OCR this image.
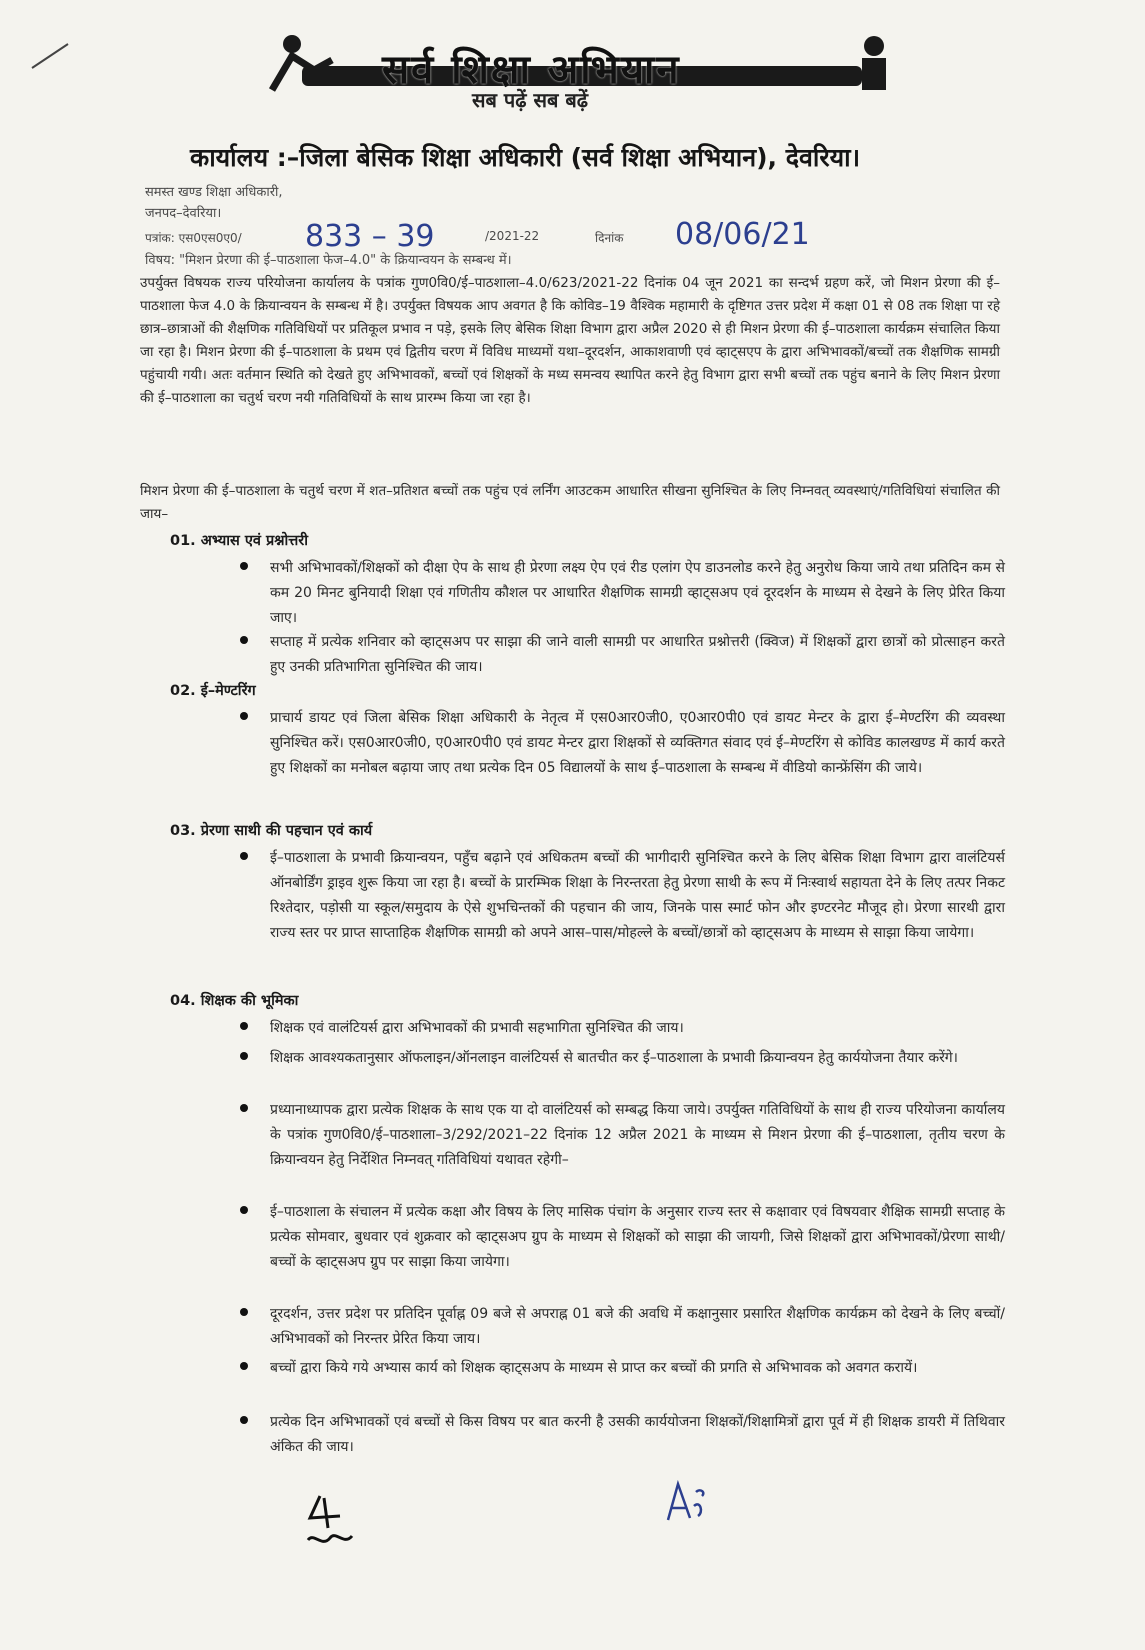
सर्व शिक्षा अभियान
सब पढ़ें सब बढ़ें
कार्यालय :–जिला बेसिक शिक्षा अधिकारी (सर्व शिक्षा अभियान), देवरिया।
समस्त खण्ड शिक्षा अधिकारी,
जनपद–देवरिया।
पत्रांक: एस0एस0ए0/ 833 – 39	/2021-22	दिनांक 08/06/21
विषय: "मिशन प्रेरणा की ई–पाठशाला फेज–4.0" के क्रियान्वयन के सम्बन्ध में।
उपर्युक्त विषयक राज्य परियोजना कार्यालय के पत्रांक गुण0वि0/ई–पाठशाला–4.0/623/2021-22 दिनांक 04 जून 2021 का सन्दर्भ ग्रहण करें, जो मिशन प्रेरणा की ई–पाठशाला फेज 4.0 के क्रियान्वयन के सम्बन्ध में है। उपर्युक्त विषयक आप अवगत है कि कोविड–19 वैश्विक महामारी के दृष्टिगत उत्तर प्रदेश में कक्षा 01 से 08 तक शिक्षा पा रहे छात्र–छात्राओं की शैक्षणिक गतिविधियों पर प्रतिकूल प्रभाव न पड़े, इसके लिए बेसिक शिक्षा विभाग द्वारा अप्रैल 2020 से ही मिशन प्रेरणा की ई–पाठशाला कार्यक्रम संचालित किया जा रहा है। मिशन प्रेरणा की ई–पाठशाला के प्रथम एवं द्वितीय चरण में विविध माध्यमों यथा–दूरदर्शन, आकाशवाणी एवं व्हाट्सएप के द्वारा अभिभावकों/बच्चों तक शैक्षणिक सामग्री पहुंचायी गयी। अतः वर्तमान स्थिति को देखते हुए अभिभावकों, बच्चों एवं शिक्षकों के मध्य समन्वय स्थापित करने हेतु विभाग द्वारा सभी बच्चों तक पहुंच बनाने के लिए मिशन प्रेरणा की ई–पाठशाला का चतुर्थ चरण नयी गतिविधियों के साथ प्रारम्भ किया जा रहा है।
मिशन प्रेरणा की ई–पाठशाला के चतुर्थ चरण में शत–प्रतिशत बच्चों तक पहुंच एवं लर्निंग आउटकम आधारित सीखना सुनिश्चित के लिए निम्नवत् व्यवस्थाएं/गतिविधियां संचालित की जाय–
01. अभ्यास एवं प्रश्नोत्तरी
सभी अभिभावकों/शिक्षकों को दीक्षा ऐप के साथ ही प्रेरणा लक्ष्य ऐप एवं रीड एलांग ऐप डाउनलोड करने हेतु अनुरोध किया जाये तथा प्रतिदिन कम से कम 20 मिनट बुनियादी शिक्षा एवं गणितीय कौशल पर आधारित शैक्षणिक सामग्री व्हाट्सअप एवं दूरदर्शन के माध्यम से देखने के लिए प्रेरित किया जाए।
सप्ताह में प्रत्येक शनिवार को व्हाट्सअप पर साझा की जाने वाली सामग्री पर आधारित प्रश्नोत्तरी (क्विज) में शिक्षकों द्वारा छात्रों को प्रोत्साहन करते हुए उनकी प्रतिभागिता सुनिश्चित की जाय।
02. ई–मेण्टरिंग
प्राचार्य डायट एवं जिला बेसिक शिक्षा अधिकारी के नेतृत्व में एस0आर0जी0, ए0आर0पी0 एवं डायट मेन्टर के द्वारा ई–मेण्टरिंग की व्यवस्था सुनिश्चित करें। एस0आर0जी0, ए0आर0पी0 एवं डायट मेन्टर द्वारा शिक्षकों से व्यक्तिगत संवाद एवं ई–मेण्टरिंग से कोविड कालखण्ड में कार्य करते हुए शिक्षकों का मनोबल बढ़ाया जाए तथा प्रत्येक दिन 05 विद्यालयों के साथ ई–पाठशाला के सम्बन्ध में वीडियो कान्फ्रेंसिंग की जाये।
03. प्रेरणा साथी की पहचान एवं कार्य
ई–पाठशाला के प्रभावी क्रियान्वयन, पहुँच बढ़ाने एवं अधिकतम बच्चों की भागीदारी सुनिश्चित करने के लिए बेसिक शिक्षा विभाग द्वारा वालंटियर्स ऑनबोर्डिंग ड्राइव शुरू किया जा रहा है। बच्चों के प्रारम्भिक शिक्षा के निरन्तरता हेतु प्रेरणा साथी के रूप में निःस्वार्थ सहायता देने के लिए तत्पर निकट रिश्तेदार, पड़ोसी या स्कूल/समुदाय के ऐसे शुभचिन्तकों की पहचान की जाय, जिनके पास स्मार्ट फोन और इण्टरनेट मौजूद हो। प्रेरणा सारथी द्वारा राज्य स्तर पर प्राप्त साप्ताहिक शैक्षणिक सामग्री को अपने आस–पास/मोहल्ले के बच्चों/छात्रों को व्हाट्सअप के माध्यम से साझा किया जायेगा।
04. शिक्षक की भूमिका
शिक्षक एवं वालंटियर्स द्वारा अभिभावकों की प्रभावी सहभागिता सुनिश्चित की जाय।
शिक्षक आवश्यकतानुसार ऑफलाइन/ऑनलाइन वालंटियर्स से बातचीत कर ई–पाठशाला के प्रभावी क्रियान्वयन हेतु कार्ययोजना तैयार करेंगे।
प्रध्यानाध्यापक द्वारा प्रत्येक शिक्षक के साथ एक या दो वालंटियर्स को सम्बद्ध किया जाये। उपर्युक्त गतिविधियों के साथ ही राज्य परियोजना कार्यालय के पत्रांक गुण0वि0/ई–पाठशाला–3/292/2021–22 दिनांक 12 अप्रैल 2021 के माध्यम से मिशन प्रेरणा की ई–पाठशाला, तृतीय चरण के क्रियान्वयन हेतु निर्देशित निम्नवत् गतिविधियां यथावत रहेगी–
ई–पाठशाला के संचालन में प्रत्येक कक्षा और विषय के लिए मासिक पंचांग के अनुसार राज्य स्तर से कक्षावार एवं विषयवार शैक्षिक सामग्री सप्ताह के प्रत्येक सोमवार, बुधवार एवं शुक्रवार को व्हाट्सअप ग्रुप के माध्यम से शिक्षकों को साझा की जायगी, जिसे शिक्षकों द्वारा अभिभावकों/प्रेरणा साथी/बच्चों के व्हाट्सअप ग्रुप पर साझा किया जायेगा।
दूरदर्शन, उत्तर प्रदेश पर प्रतिदिन पूर्वाह्न 09 बजे से अपराह्न 01 बजे की अवधि में कक्षानुसार प्रसारित शैक्षणिक कार्यक्रम को देखने के लिए बच्चों/अभिभावकों को निरन्तर प्रेरित किया जाय।
बच्चों द्वारा किये गये अभ्यास कार्य को शिक्षक व्हाट्सअप के माध्यम से प्राप्त कर बच्चों की प्रगति से अभिभावक को अवगत करायें।
प्रत्येक दिन अभिभावकों एवं बच्चों से किस विषय पर बात करनी है उसकी कार्ययोजना शिक्षकों/शिक्षामित्रों द्वारा पूर्व में ही शिक्षक डायरी में तिथिवार अंकित की जाय।
